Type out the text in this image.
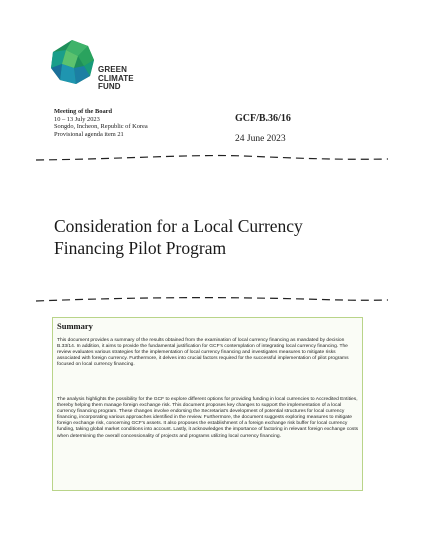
GREEN
CLIMATE
FUND
Meeting of the Board
10 – 13 July 2023
Songdo, Incheon, Republic of Korea
Provisional agenda item 21
GCF/B.36/16
24 June 2023
Consideration for a Local Currency Financing Pilot Program
Summary
This document provides a summary of the results obtained from the examination of local currency financing as mandated by decision B.33/14. In addition, it aims to provide the fundamental justification for GCF's contemplation of integrating local currency financing. The review evaluates various strategies for the implementation of local currency financing and investigates measures to mitigate risks associated with foreign currency. Furthermore, it delves into crucial factors required for the successful implementation of pilot programs focused on local currency financing.
The analysis highlights the possibility for the GCF to explore different options for providing funding in local currencies to Accredited Entities, thereby helping them manage foreign exchange risk. This document proposes key changes to support the implementation of a local currency financing program. These changes involve endorsing the Secretariat's development of potential structures for local currency financing, incorporating various approaches identified in the review. Furthermore, the document suggests exploring measures to mitigate foreign exchange risk, concerning GCF's assets. It also proposes the establishment of a foreign exchange risk buffer for local currency funding, taking global market conditions into account. Lastly, it acknowledges the importance of factoring in relevant foreign exchange costs when determining the overall concessionality of projects and programs utilizing local currency financing.
